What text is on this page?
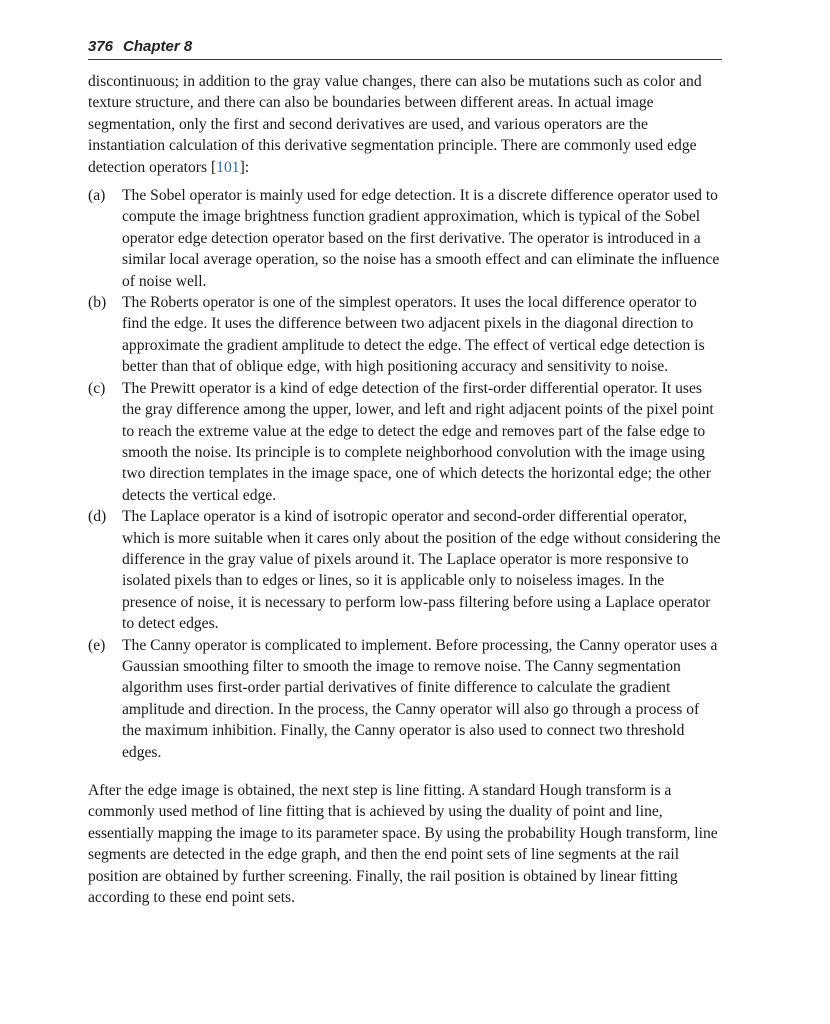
376 Chapter 8

discontinuous; in addition to the gray value changes, there can also be mutations such as color and texture structure, and there can also be boundaries between different areas. In actual image segmentation, only the first and second derivatives are used, and various operators are the instantiation calculation of this derivative segmentation principle. There are commonly used edge detection operators [101]:

(a)	The Sobel operator is mainly used for edge detection. It is a discrete difference operator used to compute the image brightness function gradient approximation, which is typical of the Sobel operator edge detection operator based on the first derivative. The operator is introduced in a similar local average operation, so the noise has a smooth effect and can eliminate the influence of noise well.
(b)	The Roberts operator is one of the simplest operators. It uses the local difference operator to find the edge. It uses the difference between two adjacent pixels in the diagonal direction to approximate the gradient amplitude to detect the edge. The effect of vertical edge detection is better than that of oblique edge, with high positioning accuracy and sensitivity to noise.
(c)	The Prewitt operator is a kind of edge detection of the first-order differential operator. It uses the gray difference among the upper, lower, and left and right adjacent points of the pixel point to reach the extreme value at the edge to detect the edge and removes part of the false edge to smooth the noise. Its principle is to complete neighborhood convolution with the image using two direction templates in the image space, one of which detects the horizontal edge; the other detects the vertical edge.
(d)	The Laplace operator is a kind of isotropic operator and second-order differential operator, which is more suitable when it cares only about the position of the edge without considering the difference in the gray value of pixels around it. The Laplace operator is more responsive to isolated pixels than to edges or lines, so it is applicable only to noiseless images. In the presence of noise, it is necessary to perform low-pass filtering before using a Laplace operator to detect edges.
(e)	The Canny operator is complicated to implement. Before processing, the Canny operator uses a Gaussian smoothing filter to smooth the image to remove noise. The Canny segmentation algorithm uses first-order partial derivatives of finite difference to calculate the gradient amplitude and direction. In the process, the Canny operator will also go through a process of the maximum inhibition. Finally, the Canny operator is also used to connect two threshold edges.

After the edge image is obtained, the next step is line fitting. A standard Hough transform is a commonly used method of line fitting that is achieved by using the duality of point and line, essentially mapping the image to its parameter space. By using the probability Hough transform, line segments are detected in the edge graph, and then the end point sets of line segments at the rail position are obtained by further screening. Finally, the rail position is obtained by linear fitting according to these end point sets.
